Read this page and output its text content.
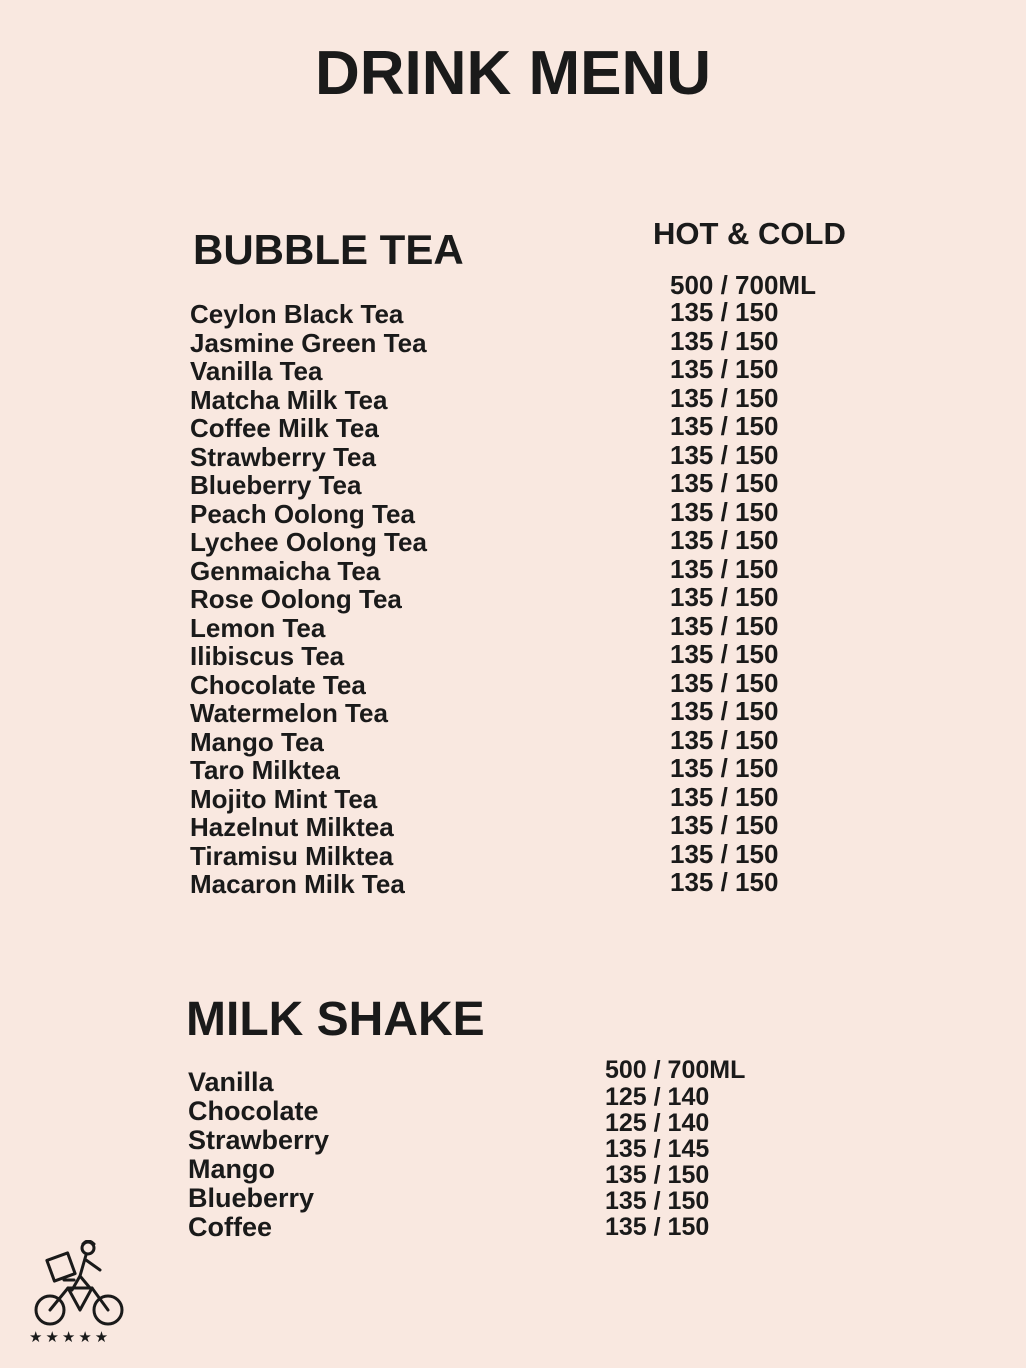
DRINK MENU
BUBBLE TEA	HOT & COLD
500 / 700ML
Ceylon Black Tea
Jasmine Green Tea
Vanilla Tea
Matcha Milk Tea
Coffee Milk Tea
Strawberry Tea
Blueberry Tea
Peach Oolong Tea
Lychee Oolong Tea
Genmaicha Tea
Rose Oolong Tea
Lemon Tea
Ilibiscus Tea
Chocolate Tea
Watermelon Tea
Mango Tea
Taro Milktea
Mojito Mint Tea
Hazelnut Milktea
Tiramisu Milktea
Macaron Milk Tea
135 / 150
135 / 150
135 / 150
135 / 150
135 / 150
135 / 150
135 / 150
135 / 150
135 / 150
135 / 150
135 / 150
135 / 150
135 / 150
135 / 150
135 / 150
135 / 150
135 / 150
135 / 150
135 / 150
135 / 150
135 / 150
MILK SHAKE
500 / 700ML
Vanilla
Chocolate
Strawberry
Mango
Blueberry
Coffee
125 / 140
125 / 140
135 / 145
135 / 150
135 / 150
135 / 150
★★★★★
